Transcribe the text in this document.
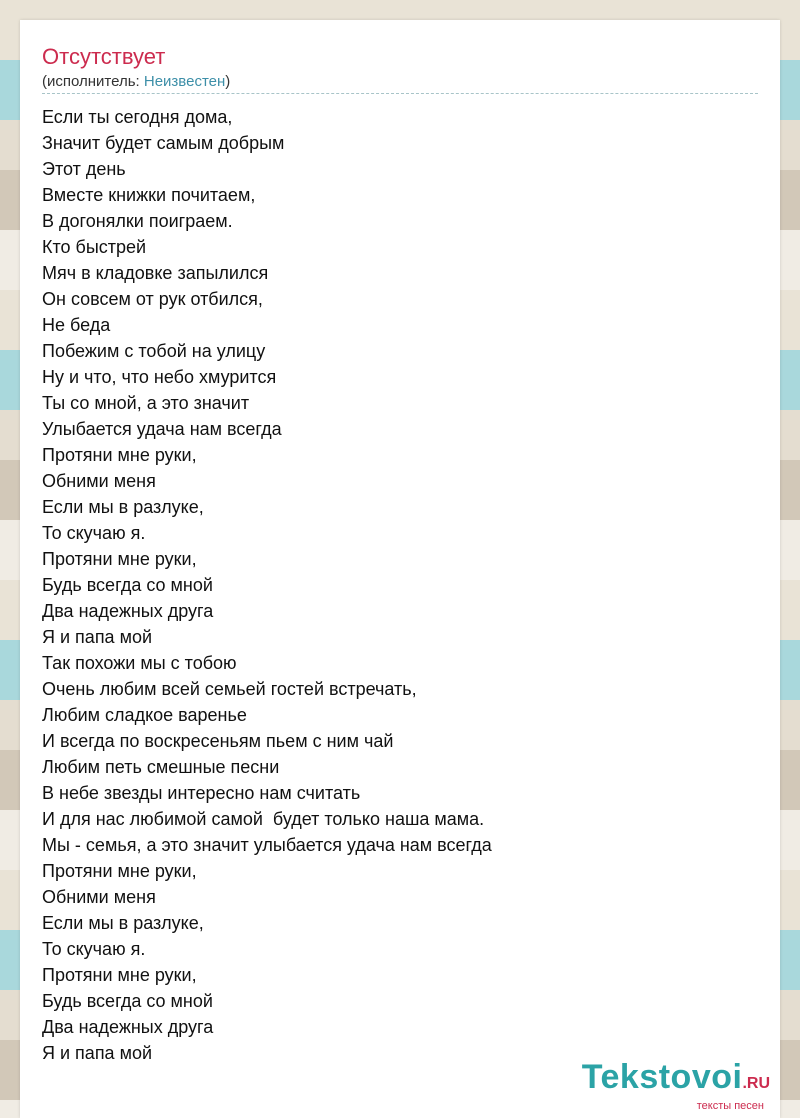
Отсутствует
(исполнитель: Неизвестен)
Если ты сегодня дома,
Значит будет самым добрым
Этот день
Вместе книжки почитаем,
В догонялки поиграем.
Кто быстрей
Мяч в кладовке запылился
Он совсем от рук отбился,
Не беда
Побежим с тобой на улицу
Ну и что, что небо хмурится
Ты со мной, а это значит
Улыбается удача нам всегда
Протяни мне руки,
Обними меня
Если мы в разлуке,
То скучаю я.
Протяни мне руки,
Будь всегда со мной
Два надежных друга
Я и папа мой
Так похожи мы с тобою
Очень любим всей семьей гостей встречать,
Любим сладкое варенье
И всегда по воскресеньям пьем с ним чай
Любим петь смешные песни
В небе звезды интересно нам считать
И для нас любимой самой  будет только наша мама.
Мы - семья, а это значит улыбается удача нам всегда
Протяни мне руки,
Обними меня
Если мы в разлуке,
То скучаю я.
Протяни мне руки,
Будь всегда со мной
Два надежных друга
Я и папа мой
Tekstovoi.RU
тексты песен
